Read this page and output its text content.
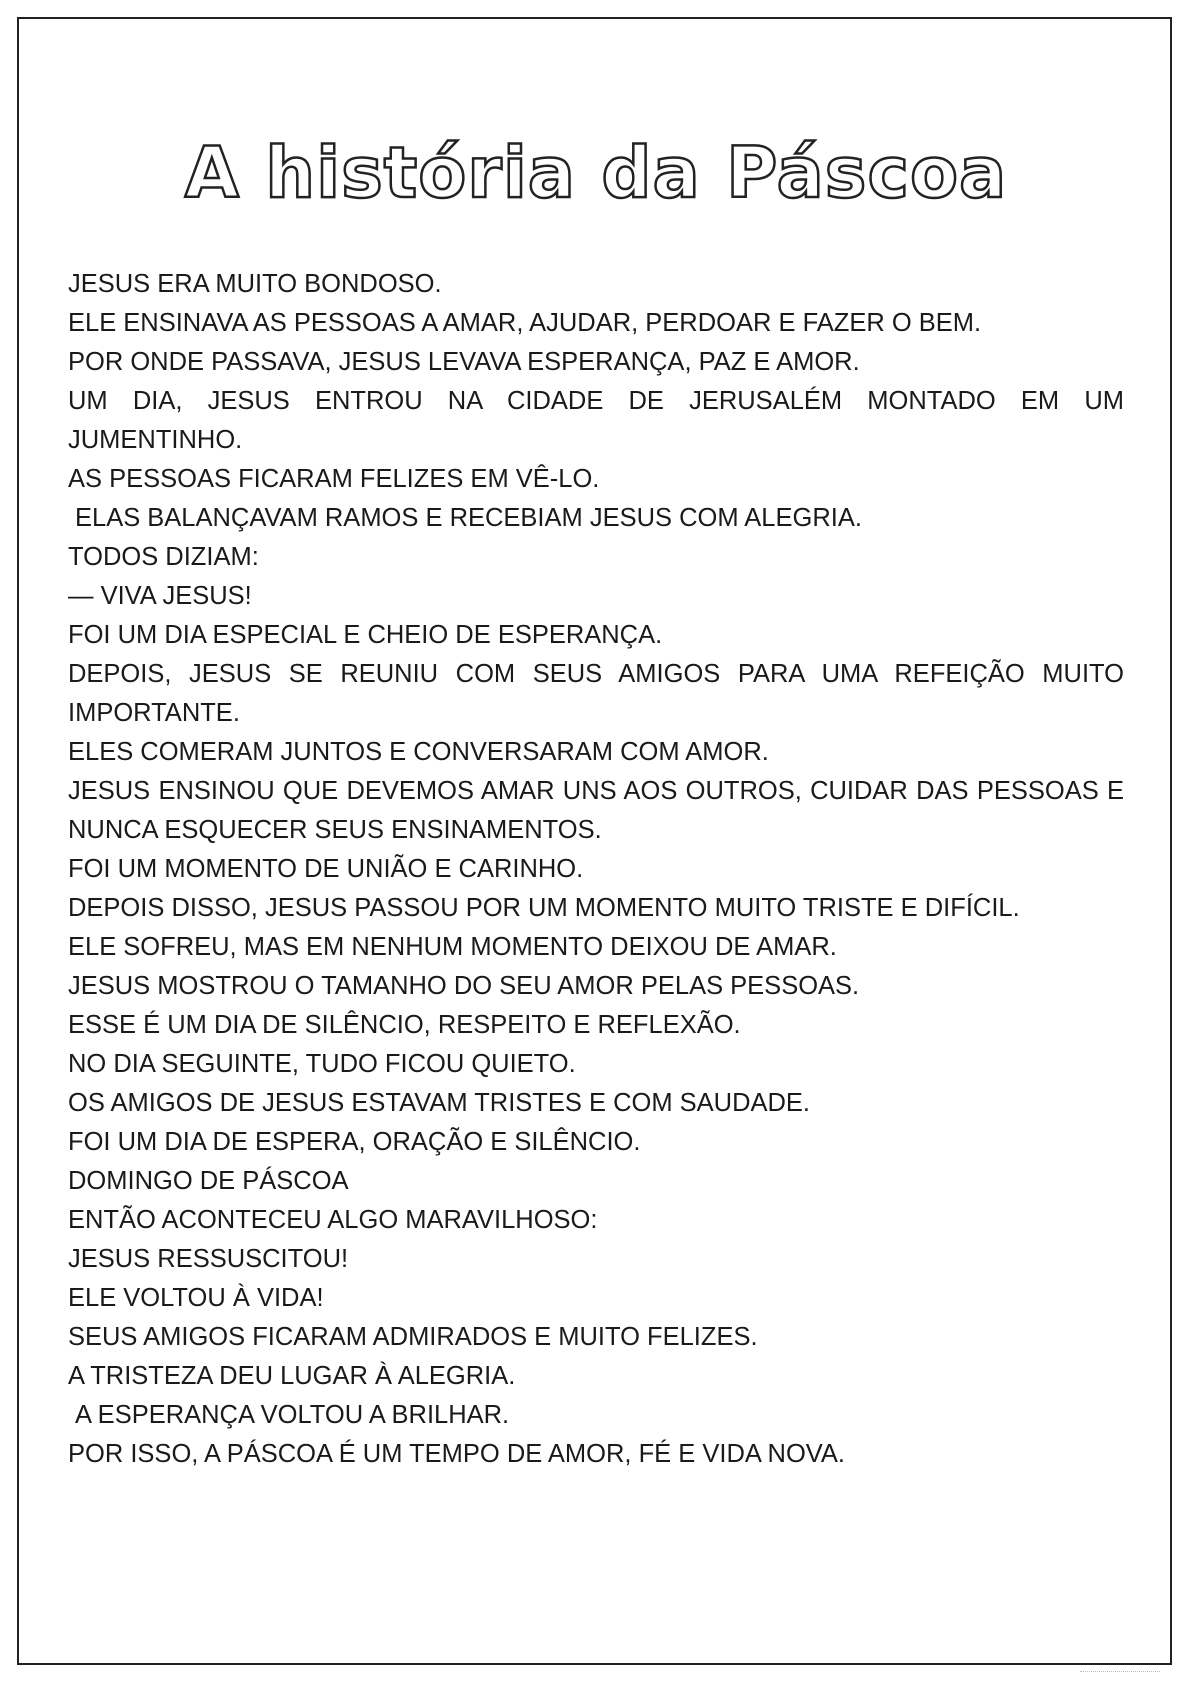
A história da Páscoa
JESUS ERA MUITO BONDOSO.
ELE ENSINAVA AS PESSOAS A AMAR, AJUDAR, PERDOAR E FAZER O BEM.
POR ONDE PASSAVA, JESUS LEVAVA ESPERANÇA, PAZ E AMOR.
UM DIA, JESUS ENTROU NA CIDADE DE JERUSALÉM MONTADO EM UM JUMENTINHO.
AS PESSOAS FICARAM FELIZES EM VÊ-LO.
ELAS BALANÇAVAM RAMOS E RECEBIAM JESUS COM ALEGRIA.
TODOS DIZIAM:
— VIVA JESUS!
FOI UM DIA ESPECIAL E CHEIO DE ESPERANÇA.
DEPOIS, JESUS SE REUNIU COM SEUS AMIGOS PARA UMA REFEIÇÃO MUITO IMPORTANTE.
ELES COMERAM JUNTOS E CONVERSARAM COM AMOR.
JESUS ENSINOU QUE DEVEMOS AMAR UNS AOS OUTROS, CUIDAR DAS PESSOAS E NUNCA ESQUECER SEUS ENSINAMENTOS.
FOI UM MOMENTO DE UNIÃO E CARINHO.
DEPOIS DISSO, JESUS PASSOU POR UM MOMENTO MUITO TRISTE E DIFÍCIL.
ELE SOFREU, MAS EM NENHUM MOMENTO DEIXOU DE AMAR.
JESUS MOSTROU O TAMANHO DO SEU AMOR PELAS PESSOAS.
ESSE É UM DIA DE SILÊNCIO, RESPEITO E REFLEXÃO.
NO DIA SEGUINTE, TUDO FICOU QUIETO.
OS AMIGOS DE JESUS ESTAVAM TRISTES E COM SAUDADE.
FOI UM DIA DE ESPERA, ORAÇÃO E SILÊNCIO.
DOMINGO DE PÁSCOA
ENTÃO ACONTECEU ALGO MARAVILHOSO:
JESUS RESSUSCITOU!
ELE VOLTOU À VIDA!
SEUS AMIGOS FICARAM ADMIRADOS E MUITO FELIZES.
A TRISTEZA DEU LUGAR À ALEGRIA.
A ESPERANÇA VOLTOU A BRILHAR.
POR ISSO, A PÁSCOA É UM TEMPO DE AMOR, FÉ E VIDA NOVA.
